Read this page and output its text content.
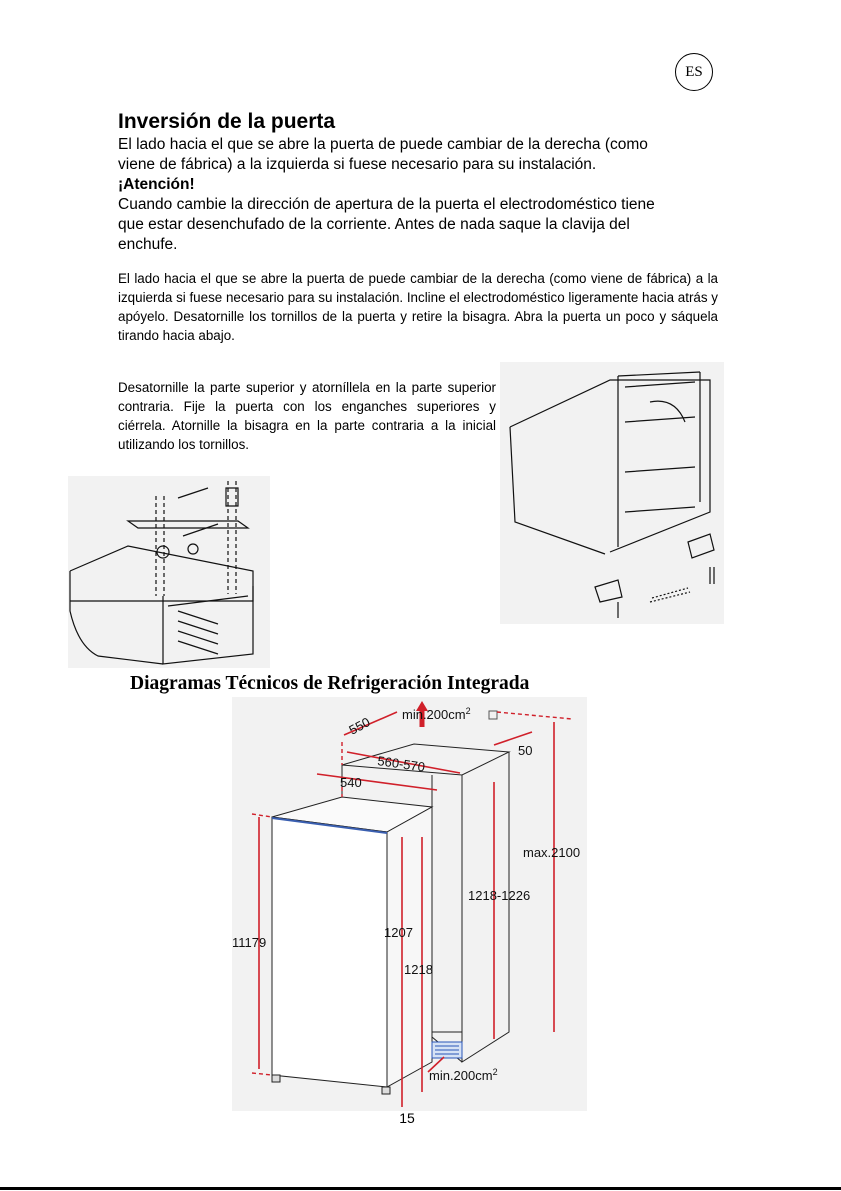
ES
Inversión de la puerta
El lado hacia el que se abre la puerta de puede cambiar de la derecha (como
viene de fábrica) a la izquierda si fuese necesario para su instalación.
¡Atención!
Cuando cambie la dirección de apertura de la puerta el electrodoméstico tiene
que estar desenchufado de la corriente. Antes de nada saque la clavija del
enchufe.
El lado hacia el que se abre la puerta de puede cambiar de la derecha (como viene de fábrica) a la izquierda si fuese necesario para su instalación. Incline el electrodoméstico ligeramente hacia atrás y apóyelo. Desatornille los tornillos de la puerta y retire la bisagra. Abra la puerta un poco y sáquela tirando hacia abajo.
Desatornille la parte superior y atorníllela en la parte superior contraria. Fije la puerta con los enganches superiores y ciérrela. Atornille la bisagra en la parte contraria a la inicial utilizando los tornillos.
Diagramas Técnicos de Refrigeración Integrada
550 $\min.200cm^2$
560-570
50
540
max.2100
1218-1226
11179
1207
1218
$\min.200cm^2$
15
